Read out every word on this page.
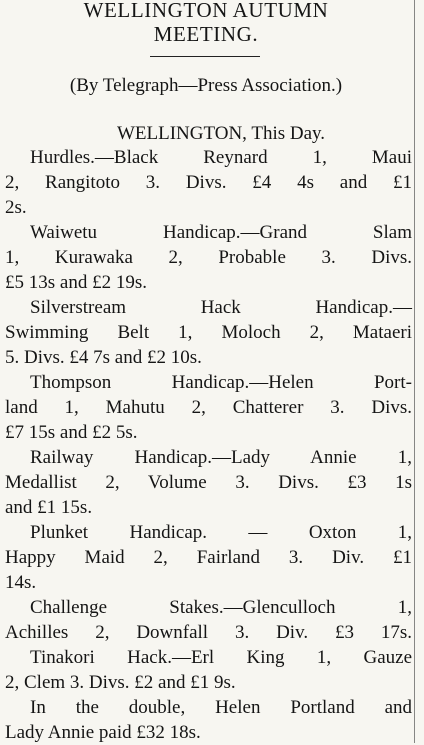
WELLINGTON AUTUMN
MEETING.
(By Telegraph—Press Association.)
WELLINGTON, This Day.
Hurdles.—Black Reynard 1, Maui
2, Rangitoto 3. Divs. £4 4s and £1
2s.
Waiwetu Handicap.—Grand Slam
1, Kurawaka 2, Probable 3. Divs.
£5 13s and £2 19s.
Silverstream Hack Handicap.—
Swimming Belt 1, Moloch 2, Mataeri
5. Divs. £4 7s and £2 10s.
Thompson Handicap.—Helen Port-
land 1, Mahutu 2, Chatterer 3. Divs.
£7 15s and £2 5s.
Railway Handicap.—Lady Annie 1,
Medallist 2, Volume 3. Divs. £3 1s
and £1 15s.
Plunket Handicap. — Oxton 1,
Happy Maid 2, Fairland 3. Div. £1
14s.
Challenge Stakes.—Glenculloch 1,
Achilles 2, Downfall 3. Div. £3 17s.
Tinakori Hack.—Erl King 1, Gauze
2, Clem 3. Divs. £2 and £1 9s.
In the double, Helen Portland and
Lady Annie paid £32 18s.
